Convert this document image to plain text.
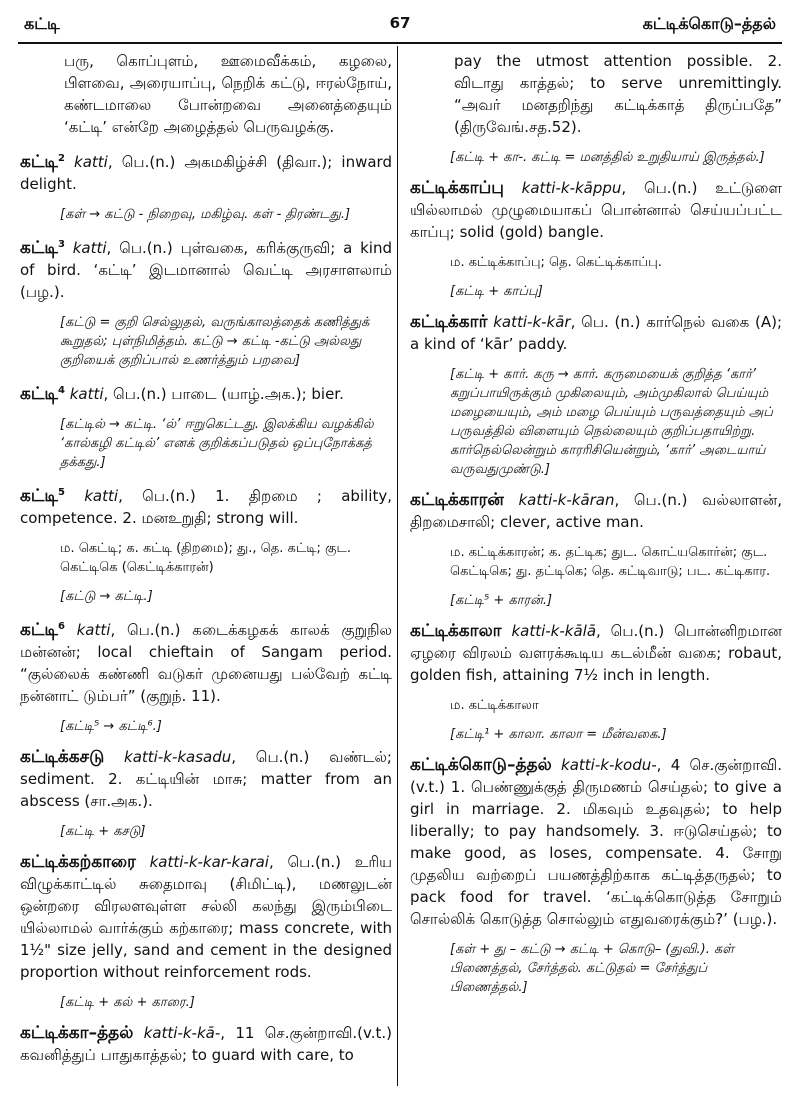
67
கட்டி	கட்டிக்கொடு–த்தல்

பரு, கொப்புளம், ஊமைவீக்கம், கழலை, பிளவை, அரையாப்பு, நெறிக் கட்டு, ஈரல்நோய், கண்டமாலை போன்றவை அனைத்தையும் ‘கட்டி’ என்றே அழைத்தல் பெருவழக்கு.

கட்டி$^2$ katti, பெ.(n.) அகமகிழ்ச்சி (திவா.); inward delight.

[கள் → கட்டு - நிறைவு, மகிழ்வு. கள் - திரண்டது.]

கட்டி$^3$ katti, பெ.(n.) புள்வகை, கரிக்குருவி; a kind of bird. ‘கட்டி’ இடமானால் வெட்டி அரசாளலாம் (பழ.).

[கட்டு = குறி செல்லுதல், வருங்காலத்தைக் கணித்துக் கூறுதல்; புள்நிமித்தம். கட்டு → கட்டி -கட்டு அல்லது குறியைக் குறிப்பால் உணர்த்தும் பறவை]

கட்டி$^4$ katti, பெ.(n.) பாடை (யாழ்.அக.); bier.

[கட்டில் → கட்டி. ‘ல்’ ஈறுகெட்டது. இலக்கிய வழக்கில் ‘கால்கழி கட்டில்’ எனக் குறிக்கப்படுதல் ஒப்புநோக்கத் தக்கது.]

கட்டி$^5$ katti, பெ.(n.) 1. திறமை ; ability, competence. 2. மனஉறுதி; strong will.

ம. கெட்டி; க. கட்டி (திறமை); து., தெ. கட்டி; குட. கெட்டிகெ (கெட்டிக்காரன்)

[கட்டு → கட்டி.]

கட்டி$^6$ katti, பெ.(n.) கடைக்கழகக் காலக் குறுநில மன்னன்; local chieftain of Sangam period. “குல்லைக் கண்ணி வடுகர் முனையது பல்வேற் கட்டி நன்னாட் டும்பர்” (குறுந். 11).

[கட்டி⁵ → கட்டி⁶.]

கட்டிக்கசடு katti-k-kasadu, பெ.(n.) வண்டல்; sediment. 2. கட்டியின் மாசு; matter from an abscess (சா.அக.).

[கட்டி + கசடு]

கட்டிக்கற்காரை katti-k-kar-karai, பெ.(n.) உரிய விழுக்காட்டில் சுதைமாவு (சிமிட்டி), மணலுடன் ஒன்றரை விரலளவுள்ள சல்லி கலந்து இரும்பிடை யில்லாமல் வார்க்கும் கற்காரை; mass concrete, with 1½" size jelly, sand and cement in the designed proportion without reinforcement rods.

[கட்டி + கல் + காரை.]

கட்டிக்கா–த்தல் katti-k-kā-, 11 செ.குன்றாவி.(v.t.) கவனித்துப் பாதுகாத்தல்; to guard with care, to

pay the utmost attention possible. 2. விடாது காத்தல்; to serve unremittingly. “அவர் மனதறிந்து கட்டிக்காத் திருப்பதே” (திருவேங்.சத.52).

[கட்டி + கா-. கட்டி = மனத்தில் உறுதியாய் இருத்தல்.]

கட்டிக்காப்பு katti-k-kāppu, பெ.(n.) உட்டுளை யில்லாமல் முழுமையாகப் பொன்னால் செய்யப்பட்ட காப்பு; solid (gold) bangle.

ம. கட்டிக்காப்பு; தெ. கெட்டிக்காப்பு.

[கட்டி + காப்பு]

கட்டிக்கார் katti-k-kār, பெ. (n.) கார்நெல் வகை (A); a kind of ‘kār’ paddy.

[கட்டி + கார். கரு → கார். கருமையைக் குறித்த ‘கார்’ கறுப்பாயிருக்கும் முகிலையும், அம்முகிலால் பெய்யும் மழையையும், அம் மழை பெய்யும் பருவத்தையும் அப் பருவத்தில் விளையும் நெல்லையும் குறிப்பதாயிற்று. கார்நெல்லென்றும் காரரிசியென்றும், ‘கார்’ அடையாய் வருவதுமுண்டு.]

கட்டிக்காரன் katti-k-kāran, பெ.(n.) வல்லாளன், திறமைசாலி; clever, active man.

ம. கட்டிக்காரன்; க. தட்டிக; துட. கொட்யகொர்ன்; குட. கெட்டிகெ; து. தட்டிகெ; தெ. கட்டிவாடு; பட. கட்டிகார.

[கட்டி⁵ + காரன்.]

கட்டிக்காலா katti-k-kālā, பெ.(n.) பொன்னிறமான ஏழரை விரலம் வளரக்கூடிய கடல்மீன் வகை; robaut, golden fish, attaining 7½ inch in length.

ம. கட்டிக்காலா

[கட்டி¹ + காலா. காலா = மீன்வகை.]

கட்டிக்கொடு–த்தல் katti-k-kodu-, 4 செ.குன்றாவி. (v.t.) 1. பெண்ணுக்குத் திருமணம் செய்தல்; to give a girl in marriage. 2. மிகவும் உதவுதல்; to help liberally; to pay handsomely. 3. ஈடுசெய்தல்; to make good, as loses, compensate. 4. சோறு முதலிய வற்றைப் பயணத்திற்காக கட்டித்தருதல்; to pack food for travel. ‘கட்டிக்கொடுத்த சோறும் சொல்லிக் கொடுத்த சொல்லும் எதுவரைக்கும்?’ (பழ.).

[கள் + து – கட்டு → கட்டி + கொடு– (துவி.). கள் பிணைத்தல், சேர்த்தல். கட்டுதல் = சேர்த்துப் பிணைத்தல்.]
